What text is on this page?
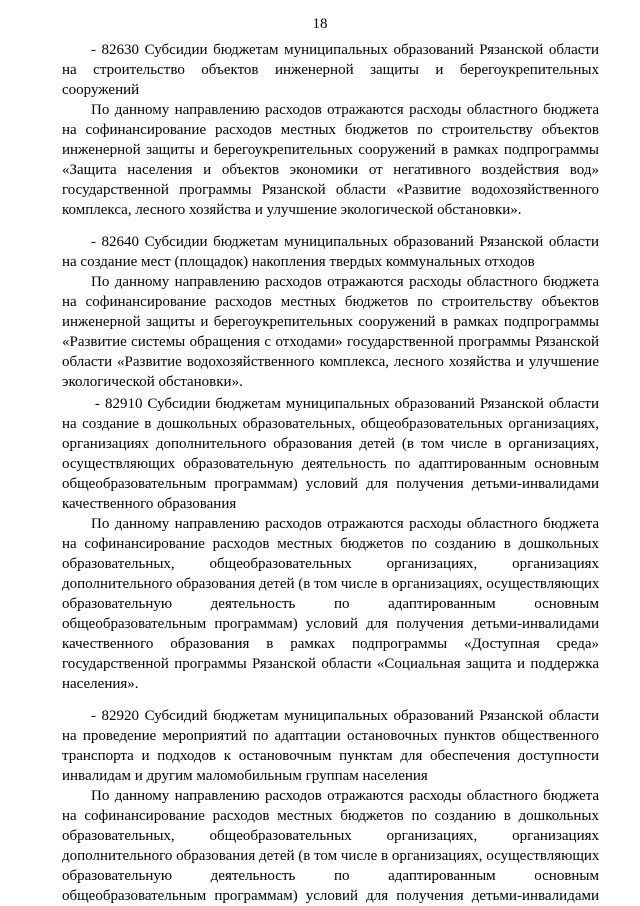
18
- 82630 Субсидии бюджетам муниципальных образований Рязанской области
на строительство объектов инженерной защиты и берегоукрепительных
сооружений
По данному направлению расходов отражаются расходы областного бюджета
на софинансирование расходов местных бюджетов по строительству объектов
инженерной защиты и берегоукрепительных сооружений в рамках подпрограммы
«Защита населения и объектов экономики от негативного воздействия вод»
государственной программы Рязанской области «Развитие водохозяйственного
комплекса, лесного хозяйства и улучшение экологической обстановки».
- 82640 Субсидии бюджетам муниципальных образований Рязанской области
на создание мест (площадок) накопления твердых коммунальных отходов
По данному направлению расходов отражаются расходы областного бюджета
на софинансирование расходов местных бюджетов по строительству объектов
инженерной защиты и берегоукрепительных сооружений в рамках подпрограммы
«Развитие системы обращения с отходами» государственной программы Рязанской
области «Развитие водохозяйственного комплекса, лесного хозяйства и улучшение
экологической обстановки».
- 82910 Субсидии бюджетам муниципальных образований Рязанской области
на создание в дошкольных образовательных, общеобразовательных организациях,
организациях дополнительного образования детей (в том числе в организациях,
осуществляющих образовательную деятельность по адаптированным основным
общеобразовательным программам) условий для получения детьми-инвалидами
качественного образования
По данному направлению расходов отражаются расходы областного бюджета
на софинансирование расходов местных бюджетов по созданию в дошкольных
образовательных, общеобразовательных организациях, организациях
дополнительного образования детей (в том числе в организациях, осуществляющих
образовательную деятельность по адаптированным основным
общеобразовательным программам) условий для получения детьми-инвалидами
качественного образования в рамках подпрограммы «Доступная среда»
государственной программы Рязанской области «Социальная защита и поддержка
населения».
- 82920 Субсидий бюджетам муниципальных образований Рязанской области
на проведение мероприятий по адаптации остановочных пунктов общественного
транспорта и подходов к остановочным пунктам для обеспечения доступности
инвалидам и другим маломобильным группам населения
По данному направлению расходов отражаются расходы областного бюджета
на софинансирование расходов местных бюджетов по созданию в дошкольных
образовательных, общеобразовательных организациях, организациях
дополнительного образования детей (в том числе в организациях, осуществляющих
образовательную деятельность по адаптированным основным
общеобразовательным программам) условий для получения детьми-инвалидами
